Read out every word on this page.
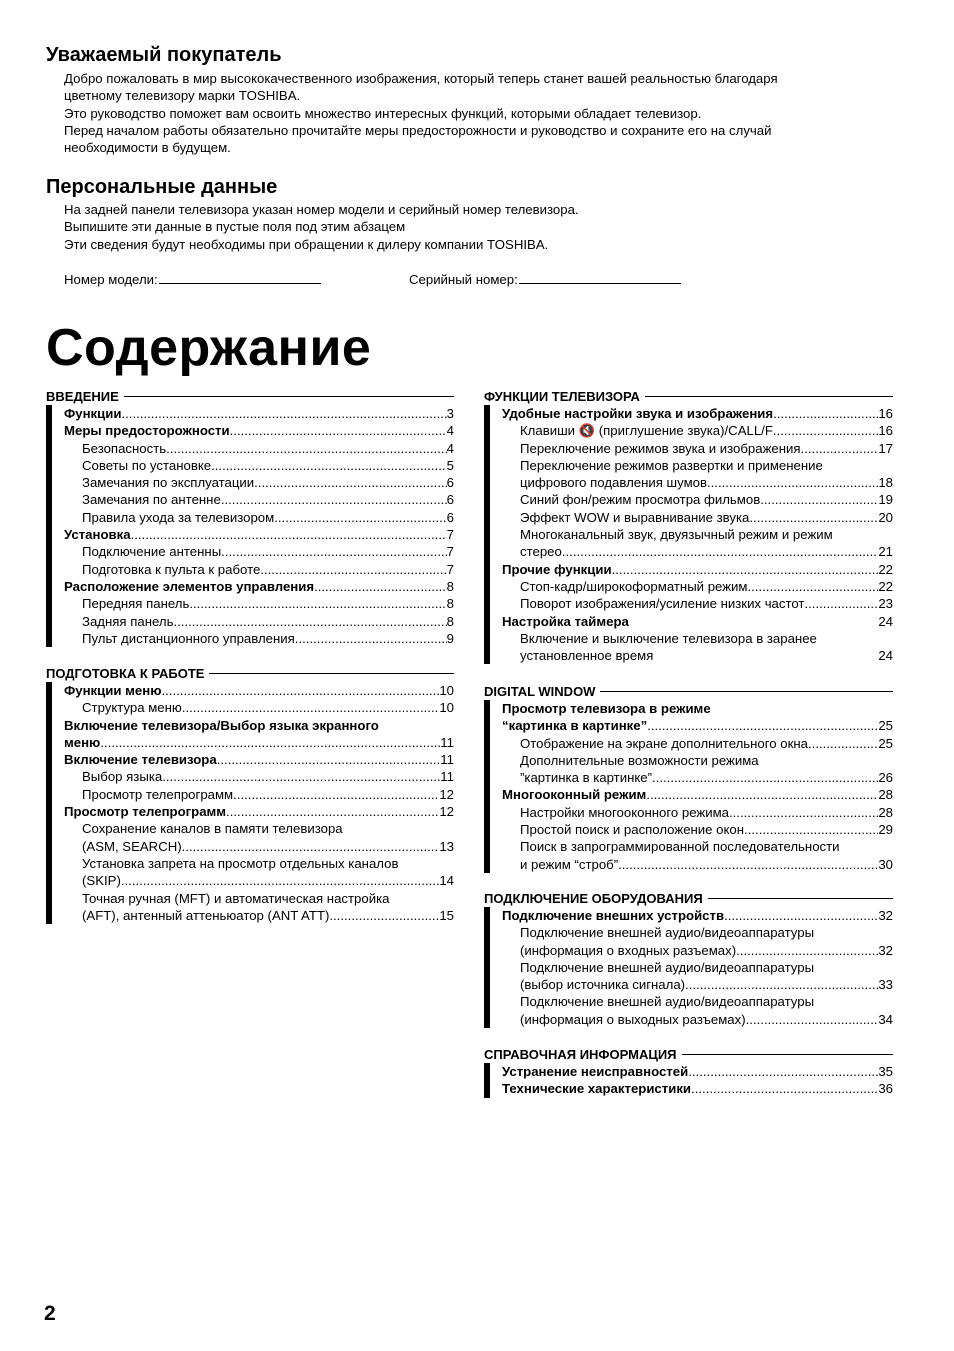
Уважаемый покупатель
Добро пожаловать в мир высококачественного изображения, который теперь станет вашей реальностью благодаря
цветному телевизору марки TOSHIBA.
Это руководство поможет вам освоить множество интересных функций, которыми обладает телевизор.
Перед началом работы обязательно прочитайте меры предосторожности и руководство и сохраните его на случай
необходимости в будущем.
Персональные данные
На задней панели телевизора указан номер модели и серийный номер телевизора.
Выпишите эти данные в пустые поля под этим абзацем
Эти сведения будут необходимы при обращении к дилеру компании TOSHIBA.
Номер модели:	Серийный номер:
Содержание
ВВЕДЕНИЕ
Функции .....	3
Меры предосторожности .....	4
Безопасность .....	4
Советы по установке .....	5
Замечания по эксплуатации .....	6
Замечания по антенне .....	6
Правила ухода за телевизором .....	6
Установка .....	7
Подключение антенны .....	7
Подготовка к пульта к работе .....	7
Расположение элементов управления .....	8
Передняя панель .....	8
Задняя панель .....	8
Пульт дистанционного управления .....	9
ПОДГОТОВКА К РАБОТЕ
Функции меню .....	10
Структура меню .....	10
Включение телевизора/Выбор языка экранного
меню .....	11
Включение телевизора .....	11
Выбор языка .....	11
Просмотр телепрограмм .....	12
Просмотр телепрограмм .....	12
Сохранение каналов в памяти телевизора
(ASM, SEARCH) .....	13
Установка запрета на просмотр отдельных каналов
(SKIP) .....	14
Точная ручная (MFT) и автоматическая настройка
(AFT), антенный аттеньюатор (ANT ATT) .....	15
ФУНКЦИИ ТЕЛЕВИЗОРА
Удобные настройки звука и изображения .....	16
Клавиши 🔇 (приглушение звука)/CALL/F .....	16
Переключение режимов звука и изображения .....	17
Переключение режимов развертки и применение
цифрового подавления шумов .....	18
Синий фон/режим просмотра фильмов .....	19
Эффект WOW и выравнивание звука .....	20
Многоканальный звук, двуязычный режим и режим
стерео .....	21
Прочие функции .....	22
Стоп-кадр/широкоформатный режим .....	22
Поворот изображения/усиление низких частот .....	23
Настройка таймера	24
Включение и выключение телевизора в заранее
установленное время	24
DIGITAL WINDOW
Просмотр телевизора в режиме
“картинка в картинке” .....	25
Отображение на экране дополнительного окна .....	25
Дополнительные возможности режима
”картинка в картинке” .....	26
Многооконный режим .....	28
Настройки многооконного режима .....	28
Простой поиск и расположение окон .....	29
Поиск в запрограммированной последовательности
и режим “строб” .....	30
ПОДКЛЮЧЕНИЕ ОБОРУДОВАНИЯ
Подключение внешних устройств .....	32
Подключение внешней аудио/видеоаппаратуры
(информация о входных разъемах) .....	32
Подключение внешней аудио/видеоаппаратуры
(выбор источника сигнала) .....	33
Подключение внешней аудио/видеоаппаратуры
(информация о выходных разъемах) .....	34
СПРАВОЧНАЯ ИНФОРМАЦИЯ
Устранение неисправностей .....	35
Технические характеристики .....	36
2
